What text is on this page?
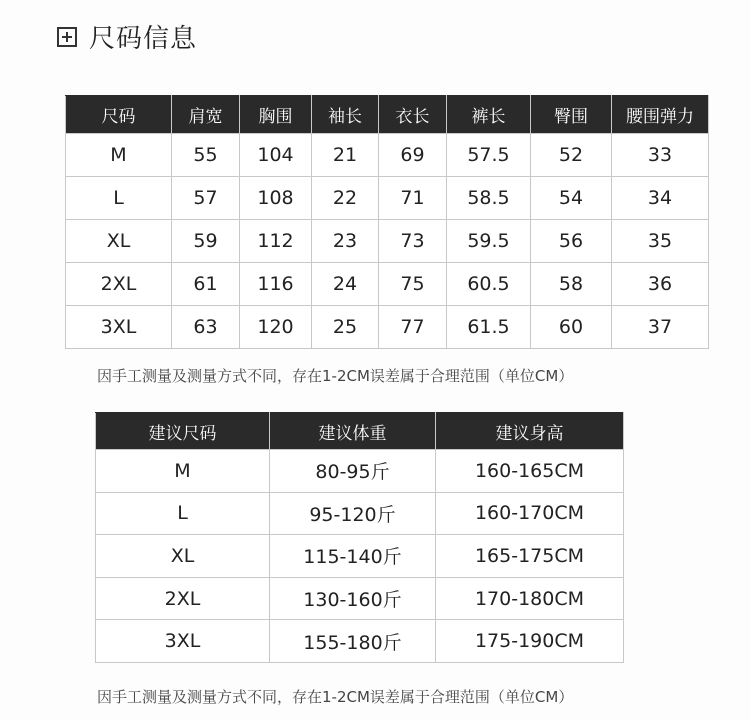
尺码信息
尺码	肩宽	胸围	袖长	衣长	裤长	臀围	腰围弹力
M	55	104	21	69	57.5	52	33
L	57	108	22	71	58.5	54	34
XL	59	112	23	73	59.5	56	35
2XL	61	116	24	75	60.5	58	36
3XL	63	120	25	77	61.5	60	37
因手工测量及测量方式不同，存在1-2CM误差属于合理范围（单位CM）
建议尺码	建议体重	建议身高
M	80-95斤	160-165CM
L	95-120斤	160-170CM
XL	115-140斤	165-175CM
2XL	130-160斤	170-180CM
3XL	155-180斤	175-190CM
因手工测量及测量方式不同，存在1-2CM误差属于合理范围（单位CM）
